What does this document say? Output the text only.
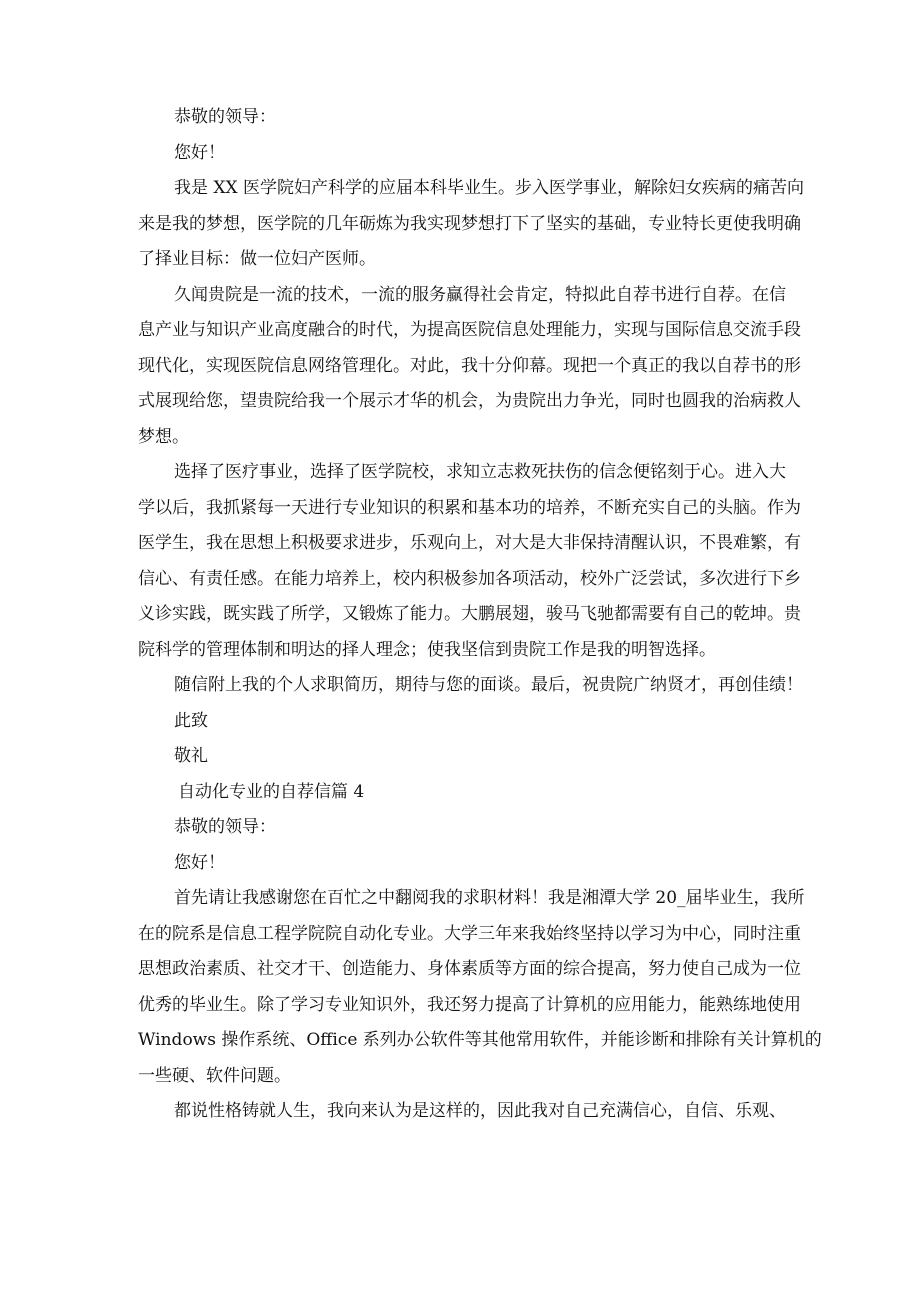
恭敬的领导：

您好！

我是 XX 医学院妇产科学的应届本科毕业生。步入医学事业，解除妇女疾病的痛苦向

来是我的梦想，医学院的几年砺炼为我实现梦想打下了坚实的基础，专业特长更使我明确

了择业目标：做一位妇产医师。

久闻贵院是一流的技术，一流的服务赢得社会肯定，特拟此自荐书进行自荐。在信

息产业与知识产业高度融合的时代，为提高医院信息处理能力，实现与国际信息交流手段

现代化，实现医院信息网络管理化。对此，我十分仰幕。现把一个真正的我以自荐书的形

式展现给您，望贵院给我一个展示才华的机会，为贵院出力争光，同时也圆我的治病救人

梦想。

选择了医疗事业，选择了医学院校，求知立志救死扶伤的信念便铭刻于心。进入大

学以后，我抓紧每一天进行专业知识的积累和基本功的培养，不断充实自己的头脑。作为

医学生，我在思想上积极要求进步，乐观向上，对大是大非保持清醒认识，不畏难繁，有

信心、有责任感。在能力培养上，校内积极参加各项活动，校外广泛尝试，多次进行下乡

义诊实践，既实践了所学，又锻炼了能力。大鹏展翅，骏马飞驰都需要有自己的乾坤。贵

院科学的管理体制和明达的择人理念；使我坚信到贵院工作是我的明智选择。

随信附上我的个人求职简历，期待与您的面谈。最后，祝贵院广纳贤才，再创佳绩！

此致

敬礼

自动化专业的自荐信篇 4

恭敬的领导：

您好！

首先请让我感谢您在百忙之中翻阅我的求职材料！我是湘潭大学 20_届毕业生，我所

在的院系是信息工程学院院自动化专业。大学三年来我始终坚持以学习为中心，同时注重

思想政治素质、社交才干、创造能力、身体素质等方面的综合提高，努力使自己成为一位

优秀的毕业生。除了学习专业知识外，我还努力提高了计算机的应用能力，能熟练地使用

Windows 操作系统、Office 系列办公软件等其他常用软件，并能诊断和排除有关计算机的

一些硬、软件问题。

都说性格铸就人生，我向来认为是这样的，因此我对自己充满信心，自信、乐观、
